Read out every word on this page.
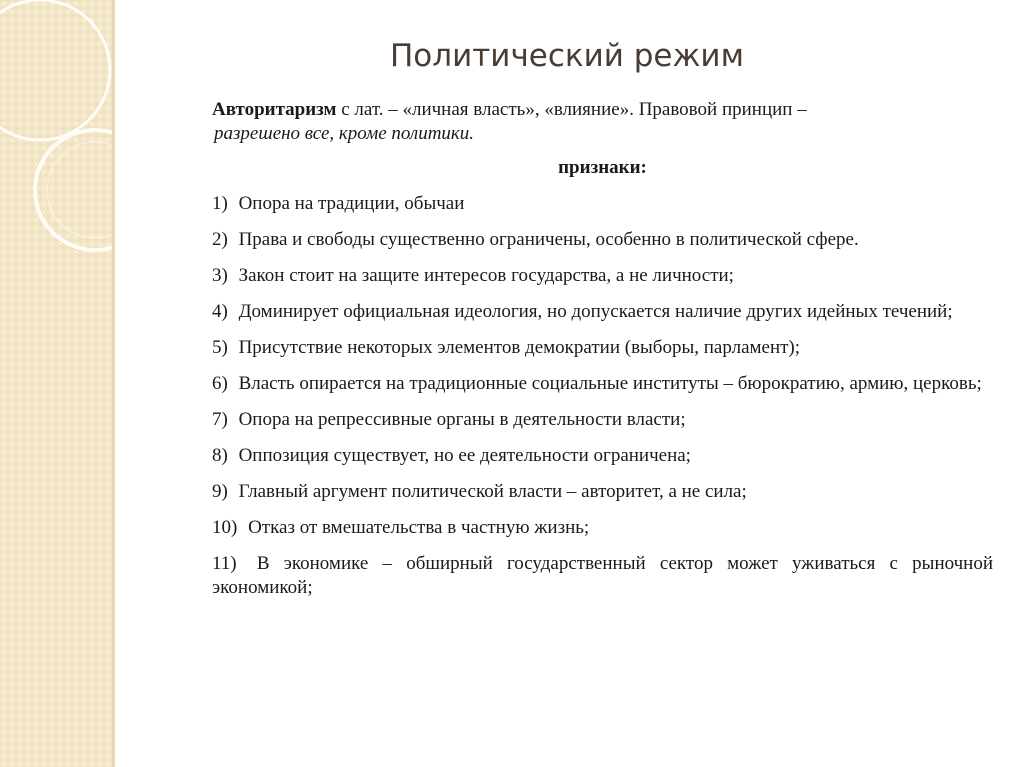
Политический режим
Авторитаризм с лат. – «личная власть», «влияние». Правовой принцип –
разрешено все, кроме политики.
признаки:
1) Опора на традиции, обычаи
2) Права и свободы существенно ограничены, особенно в политической сфере.
3) Закон стоит на защите интересов государства, а не личности;
4) Доминирует официальная идеология, но допускается наличие других идейных течений;
5) Присутствие некоторых элементов демократии (выборы, парламент);
6) Власть опирается на традиционные социальные институты – бюрократию, армию, церковь;
7) Опора на репрессивные органы в деятельности власти;
8) Оппозиция существует, но ее деятельности ограничена;
9) Главный аргумент политической власти – авторитет, а не сила;
10) Отказ от вмешательства в частную жизнь;
11) В экономике – обширный государственный сектор может уживаться с рыночной экономикой;
